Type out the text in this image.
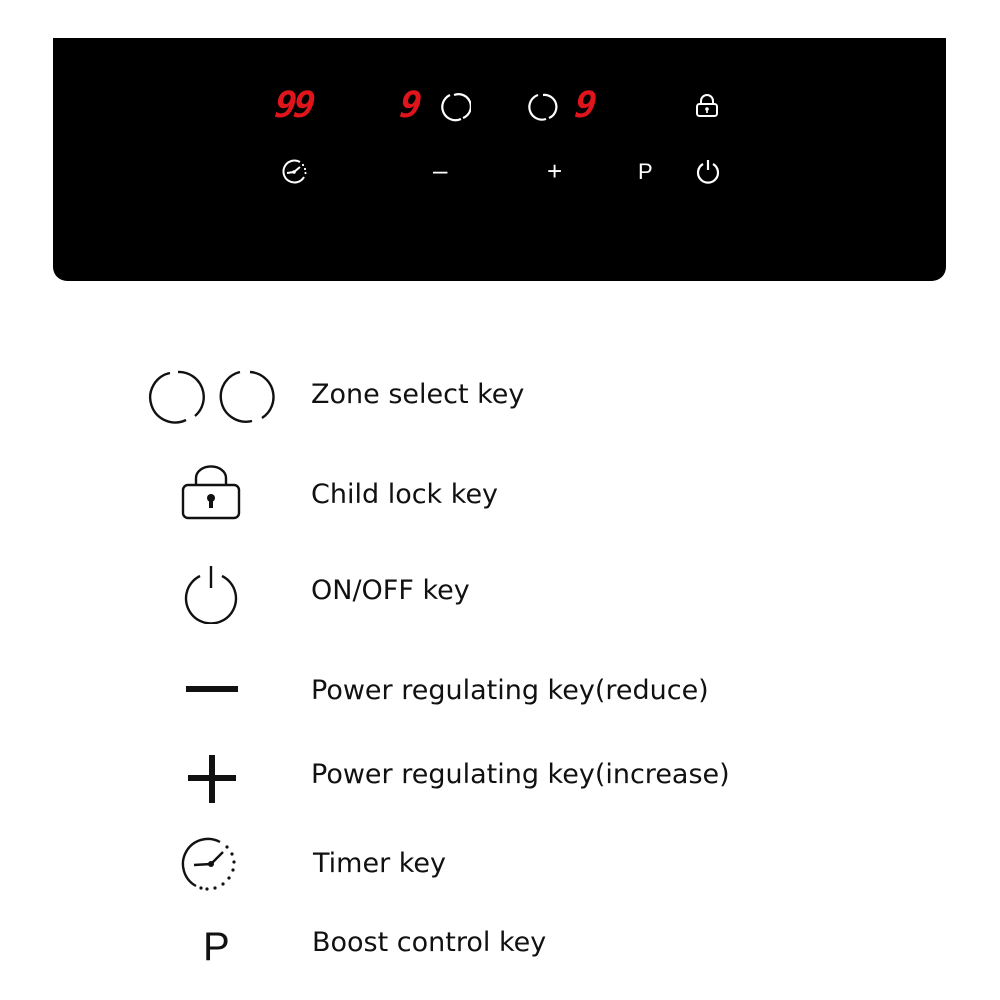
99 9	9
–	+	P
Zone select key
Child lock key
ON/OFF key
Power regulating key(reduce)
Power regulating key(increase)
Timer key
P	Boost control key
